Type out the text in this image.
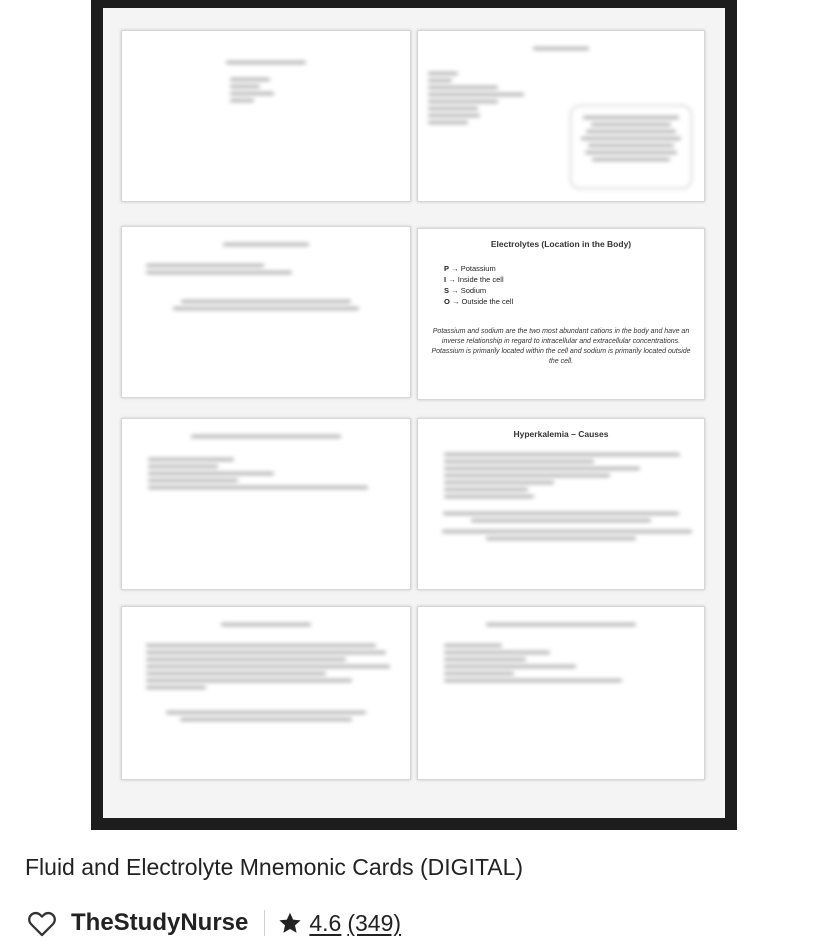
Electrolytes (Location in the Body)
P → Potassium
I → Inside the cell
S → Sodium
O → Outside the cell
Potassium and sodium are the two most abundant cations in the body and have an inverse relationship in regard to intracellular and extracellular concentrations. Potassium is primarily located within the cell and sodium is primarily located outside the cell.
Hyperkalemia – Causes
Fluid and Electrolyte Mnemonic Cards (DIGITAL)
TheStudyNurse	4.6 (349)
